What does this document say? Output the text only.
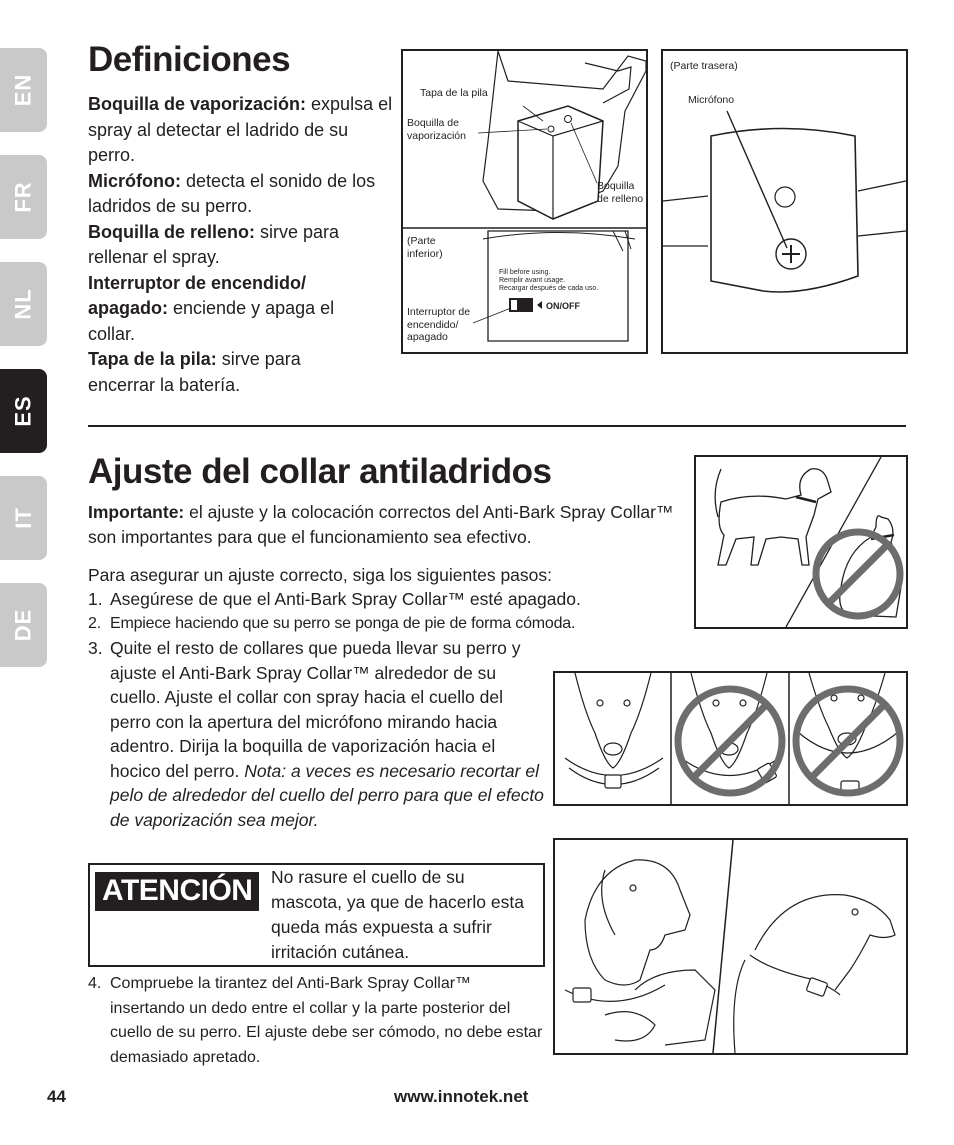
EN
FR
NL
ES
IT
DE
Definiciones
Boquilla de vaporización: expulsa el spray al detectar el ladrido de su perro.
Micrófono: detecta el sonido de los ladridos de su perro.
Boquilla de relleno: sirve para rellenar el spray.
Interruptor de encendido/ apagado: enciende y apaga el collar.
Tapa de la pila: sirve para encerrar la batería.
Tapa de la pila
Boquilla de vaporización
Boquilla de relleno
(Parte inferior)
Fill before using.
Remplir avant usage.
Recargar después de cada uso.
ON/OFF
Interruptor de encendido/ apagado
(Parte trasera)
Micrófono
Ajuste del collar antiladridos
Importante: el ajuste y la colocación correctos del Anti-Bark Spray Collar™ son importantes para que el funcionamiento sea efectivo.
Para asegurar un ajuste correcto, siga los siguientes pasos:
1. Asegúrese de que el Anti-Bark Spray Collar™ esté apagado.
2. Empiece haciendo que su perro se ponga de pie de forma cómoda.
3. Quite el resto de collares que pueda llevar su perro y ajuste el Anti-Bark Spray Collar™ alrededor de su cuello. Ajuste el collar con spray hacia el cuello del perro con la apertura del micrófono mirando hacia adentro. Dirija la boquilla de vaporización hacia el hocico del perro. Nota: a veces es necesario recortar el pelo de alrededor del cuello del perro para que el efecto de vaporización sea mejor.
ATENCIÓN	No rasure el cuello de su mascota, ya que de hacerlo esta queda más expuesta a sufrir irritación cutánea.
4. Compruebe la tirantez del Anti-Bark Spray Collar™ insertando un dedo entre el collar y la parte posterior del cuello de su perro. El ajuste debe ser cómodo, no debe estar demasiado apretado.
44	www.innotek.net
